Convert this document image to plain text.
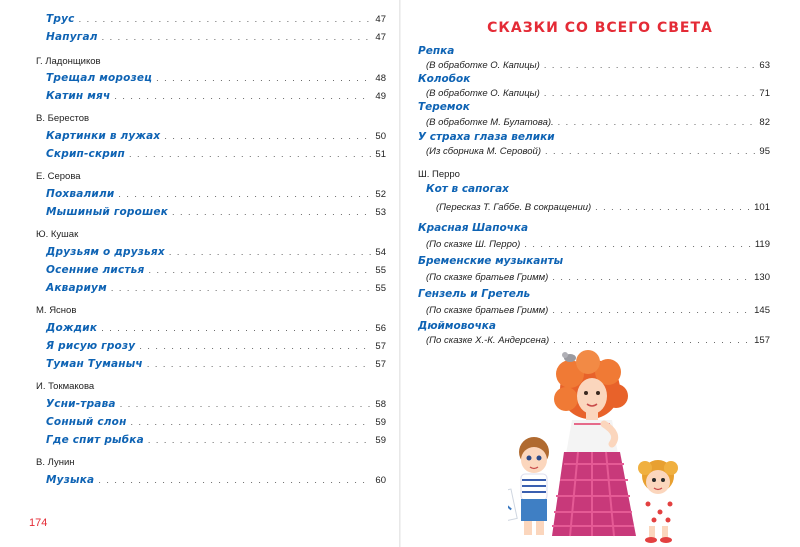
Трус . . .	47
Напугал . . .	47
Г. Ладонщиков
Трещал морозец . . .	48
Катин мяч . . .	49
В. Берестов
Картинки в лужах . . .	50
Скрип-скрип . . .	51
Е. Серова
Похвалили . . .	52
Мышиный горошек . . .	53
Ю. Кушак
Друзьям о друзьях . . .	54
Осенние листья . . .	55
Аквариум . . .	55
М. Яснов
Дождик . . .	56
Я рисую грозу . . .	57
Туман Туманыч . . .	57
И. Токмакова
Усни-трава . . .	58
Сонный слон . . .	59
Где спит рыбка . . .	59
В. Лунин
Музыка . . .	60
174
СКАЗКИ СО ВСЕГО СВЕТА
Репка
(В обработке О. Капицы) . . .	63
Колобок
(В обработке О. Капицы) . . .	71
Теремок
(В обработке М. Булатова). . . .	82
У страха глаза велики
(Из сборника М. Серовой) . . .	95
Ш. Перро
Кот в сапогах
(Пересказ Т. Габбе. В сокращении) . . .	101
Красная Шапочка
(По сказке Ш. Перро) . . .	119
Бременские музыканты
(По сказке братьев Гримм) . . .	130
Гензель и Гретель
(По сказке братьев Гримм) . . .	145
Дюймовочка
(По сказке Х.-К. Андерсена) . . .	157
